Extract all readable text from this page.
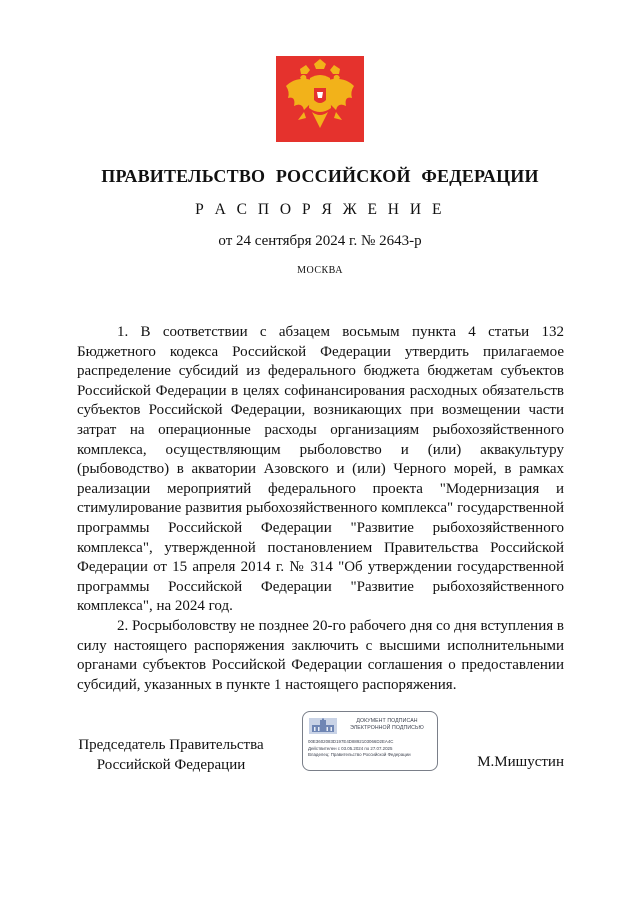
ПРАВИТЕЛЬСТВО РОССИЙСКОЙ ФЕДЕРАЦИИ
Р А С П О Р Я Ж Е Н И Е
от 24 сентября 2024 г. № 2643-р
МОСКВА

1. В соответствии с абзацем восьмым пункта 4 статьи 132 Бюджетного кодекса Российской Федерации утвердить прилагаемое распределение субсидий из федерального бюджета бюджетам субъектов Российской Федерации в целях софинансирования расходных обязательств субъектов Российской Федерации, возникающих при возмещении части затрат на операционные расходы организациям рыбохозяйственного комплекса, осуществляющим рыболовство и (или) аквакультуру (рыбоводство) в акватории Азовского и (или) Черного морей, в рамках реализации мероприятий федерального проекта "Модернизация и стимулирование развития рыбохозяйственного комплекса" государственной программы Российской Федерации "Развитие рыбохозяйственного комплекса", утвержденной постановлением Правительства Российской Федерации от 15 апреля 2014 г. № 314 "Об утверждении государственной программы Российской Федерации "Развитие рыбохозяйственного комплекса", на 2024 год.

2. Росрыболовству не позднее 20-го рабочего дня со дня вступления в силу настоящего распоряжения заключить с высшими исполнительными органами субъектов Российской Федерации соглашения о предоставлении субсидий, указанных в пункте 1 настоящего распоряжения.

Председатель Правительства
Российской Федерации
ДОКУМЕНТ ПОДПИСАН
ЭЛЕКТРОННОЙ ПОДПИСЬЮ
00E3602083D197E4D8892103066D2EA4C
Действителен с 03.05.2024 по 27.07.2025
Владелец: Правительство Российской Федерации	М.Мишустин
